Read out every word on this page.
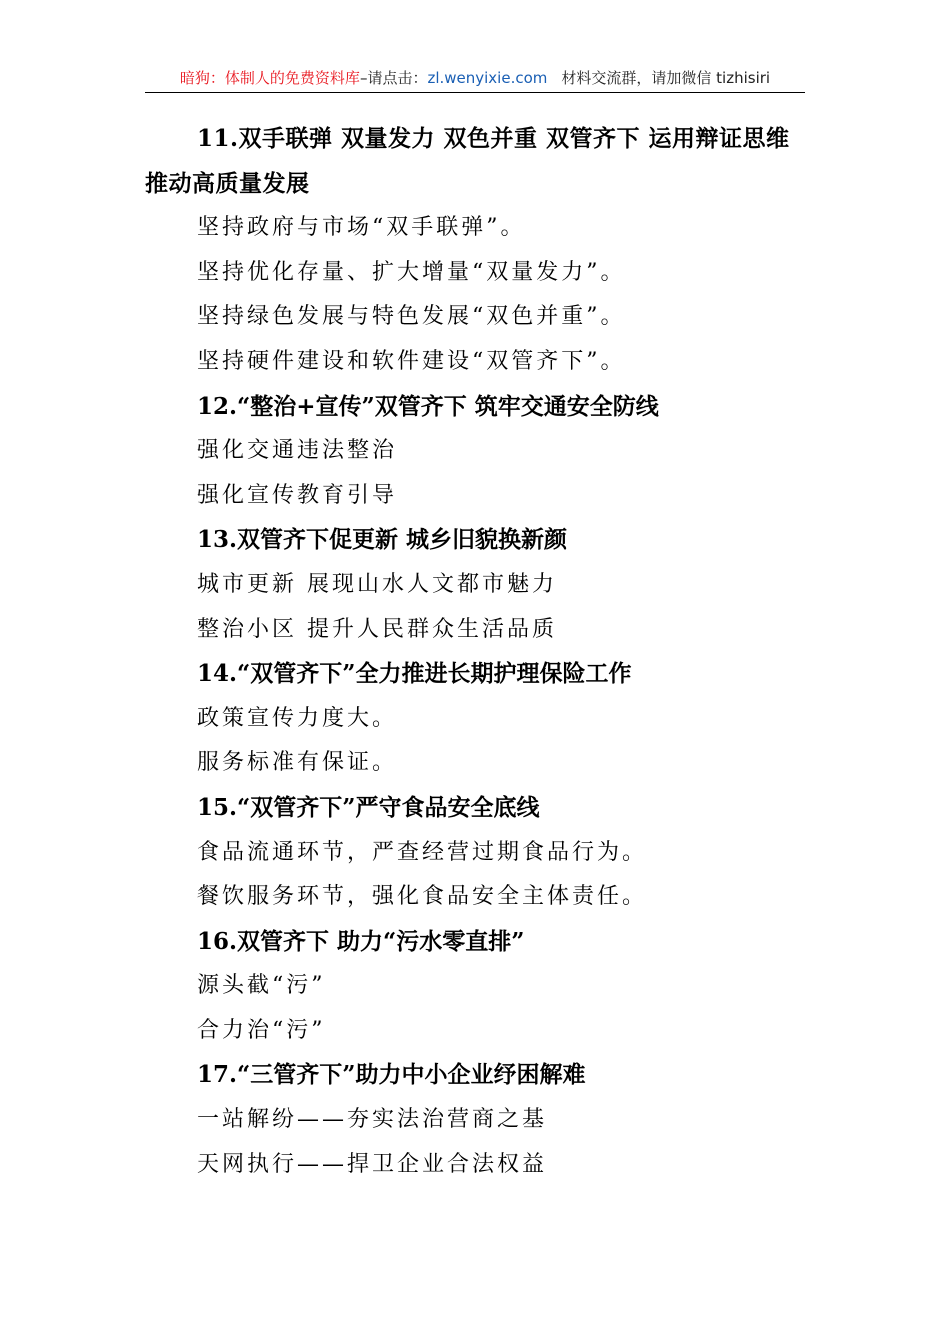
暗狗：体制人的免费资料库–请点击：zl.wenyixie.com 材料交流群，请加微信 tizhisiri

11.双手联弹 双量发力 双色并重 双管齐下 运用辩证思维推动高质量发展

坚持政府与市场“双手联弹”。

坚持优化存量、扩大增量“双量发力”。

坚持绿色发展与特色发展“双色并重”。

坚持硬件建设和软件建设“双管齐下”。

12.“整治+宣传”双管齐下 筑牢交通安全防线

强化交通违法整治

强化宣传教育引导

13.双管齐下促更新 城乡旧貌换新颜

城市更新 展现山水人文都市魅力

整治小区 提升人民群众生活品质

14.“双管齐下”全力推进长期护理保险工作

政策宣传力度大。

服务标准有保证。

15.“双管齐下”严守食品安全底线

食品流通环节，严查经营过期食品行为。

餐饮服务环节，强化食品安全主体责任。

16.双管齐下 助力“污水零直排”

源头截“污”

合力治“污”

17.“三管齐下”助力中小企业纾困解难

一站解纷——夯实法治营商之基

天网执行——捍卫企业合法权益
